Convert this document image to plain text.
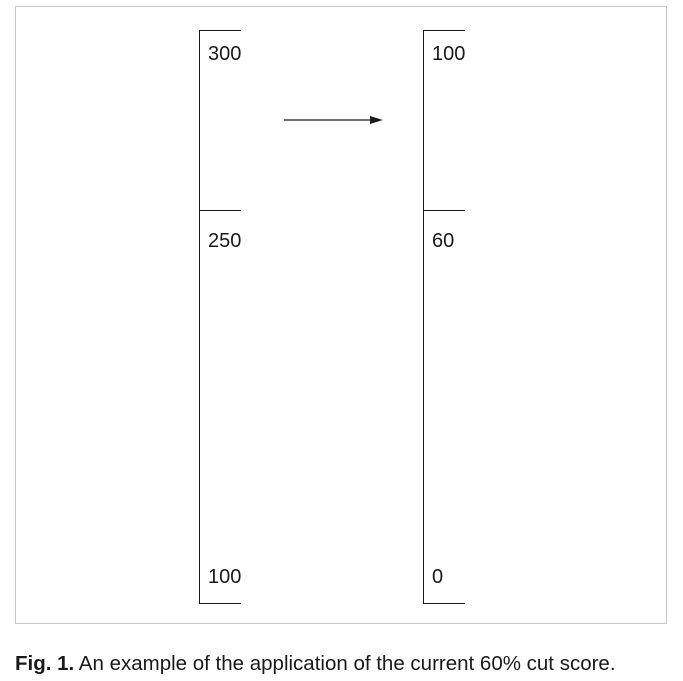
300
250
100
100
60
0
Fig. 1. An example of the application of the current 60% cut score.
